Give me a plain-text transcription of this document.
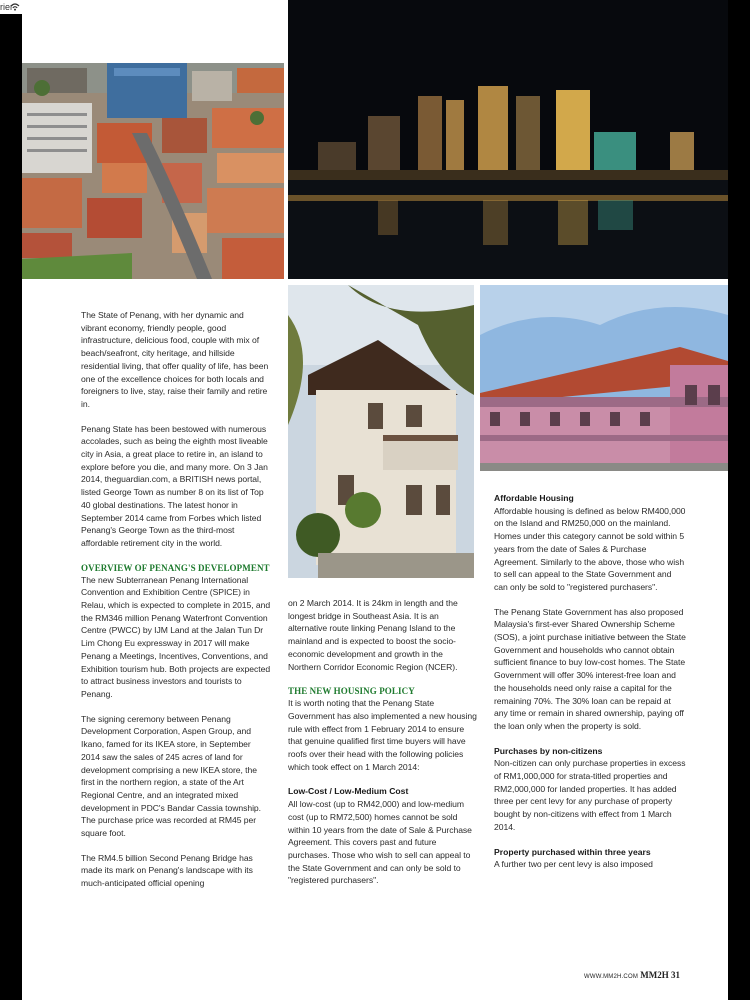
rier

The State of Penang, with her dynamic and vibrant economy, friendly people, good infrastructure, delicious food, couple with mix of beach/seafront, city heritage, and hillside residential living, that offer quality of life, has been one of the excellence choices for both locals and foreigners to live, stay, raise their family and retire in.

Penang State has been bestowed with numerous accolades, such as being the eighth most liveable city in Asia, a great place to retire in, an island to explore before you die, and many more. On 3 Jan 2014, theguardian.com, a BRITISH news portal, listed George Town as number 8 on its list of Top 40 global destinations. The latest honor in September 2014 came from Forbes which listed Penang's George Town as the third-most affordable retirement city in the world.

OVERVIEW OF PENANG'S DEVELOPMENT

The new Subterranean Penang International Convention and Exhibition Centre (SPICE) in Relau, which is expected to complete in 2015, and the RM346 million Penang Waterfront Convention Centre (PWCC) by IJM Land at the Jalan Tun Dr Lim Chong Eu expressway in 2017 will make Penang a Meetings, Incentives, Conventions, and Exhibition tourism hub. Both projects are expected to attract business investors and tourists to Penang.

The signing ceremony between Penang Development Corporation, Aspen Group, and Ikano, famed for its IKEA store, in September 2014 saw the sales of 245 acres of land for development comprising a new IKEA store, the first in the northern region, a state of the Art Regional Centre, and an integrated mixed development in PDC's Bandar Cassia township. The purchase price was recorded at RM45 per square foot.

The RM4.5 billion Second Penang Bridge has made its mark on Penang's landscape with its much-anticipated official opening

on 2 March 2014. It is 24km in length and the longest bridge in Southeast Asia. It is an alternative route linking Penang Island to the mainland and is expected to boost the socio-economic development and growth in the Northern Corridor Economic Region (NCER).

THE NEW HOUSING POLICY

It is worth noting that the Penang State Government has also implemented a new housing rule with effect from 1 February 2014 to ensure that genuine qualified first time buyers will have roofs over their head with the following policies which took effect on 1 March 2014:

Low-Cost / Low-Medium Cost

All low-cost (up to RM42,000) and low-medium cost (up to RM72,500) homes cannot be sold within 10 years from the date of Sale & Purchase Agreement. This covers past and future purchases. Those who wish to sell can appeal to the State Government and can only be sold to "registered purchasers".

Affordable Housing

Affordable housing is defined as below RM400,000 on the Island and RM250,000 on the mainland. Homes under this category cannot be sold within 5 years from the date of Sales & Purchase Agreement. Similarly to the above, those who wish to sell can appeal to the State Government and can only be sold to "registered purchasers".

The Penang State Government has also proposed Malaysia's first-ever Shared Ownership Scheme (SOS), a joint purchase initiative between the State Government and households who cannot obtain sufficient finance to buy low-cost homes. The State Government will offer 30% interest-free loan and the households need only raise a capital for the remaining 70%. The 30% loan can be repaid at any time or remain in shared ownership, paying off the loan only when the property is sold.

Purchases by non-citizens

Non-citizen can only purchase properties in excess of RM1,000,000 for strata-titled properties and RM2,000,000 for landed properties. It has added three per cent levy for any purchase of property bought by non-citizens with effect from 1 March 2014.

Property purchased within three years

A further two per cent levy is also imposed

WWW.MM2H.COM MM2H 31
